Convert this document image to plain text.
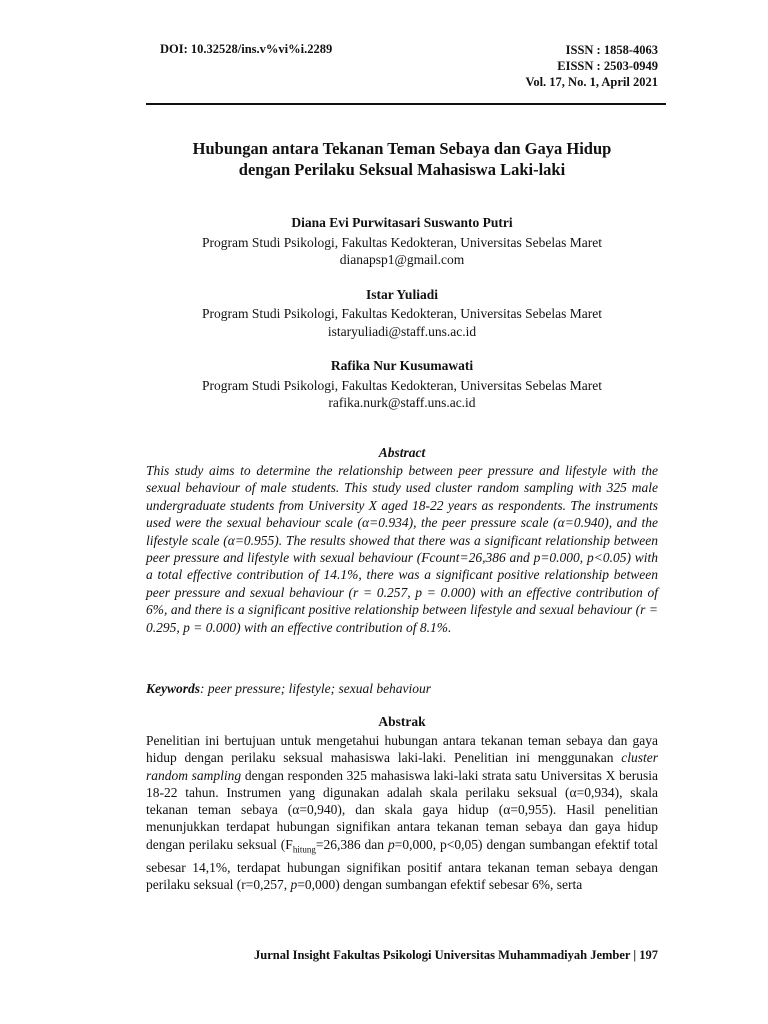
DOI: 10.32528/ins.v%vi%i.2289	ISSN : 1858-4063
EISSN : 2503-0949
Vol. 17, No. 1, April 2021
Hubungan antara Tekanan Teman Sebaya dan Gaya Hidup
dengan Perilaku Seksual Mahasiswa Laki-laki
Diana Evi Purwitasari Suswanto Putri
Program Studi Psikologi, Fakultas Kedokteran, Universitas Sebelas Maret
dianapsp1@gmail.com
Istar Yuliadi
Program Studi Psikologi, Fakultas Kedokteran, Universitas Sebelas Maret
istaryuliadi@staff.uns.ac.id
Rafika Nur Kusumawati
Program Studi Psikologi, Fakultas Kedokteran, Universitas Sebelas Maret
rafika.nurk@staff.uns.ac.id
Abstract

This study aims to determine the relationship between peer pressure and lifestyle with the sexual behaviour of male students. This study used cluster random sampling with 325 male undergraduate students from University X aged 18-22 years as respondents. The instruments used were the sexual behaviour scale (α=0.934), the peer pressure scale (α=0.940), and the lifestyle scale (α=0.955). The results showed that there was a significant relationship between peer pressure and lifestyle with sexual behaviour (Fcount=26,386 and p=0.000, p<0.05) with a total effective contribution of 14.1%, there was a significant positive relationship between peer pressure and sexual behaviour (r = 0.257, p = 0.000) with an effective contribution of 6%, and there is a significant positive relationship between lifestyle and sexual behaviour (r = 0.295, p = 0.000) with an effective contribution of 8.1%.

Keywords: peer pressure; lifestyle; sexual behaviour
Abstrak

Penelitian ini bertujuan untuk mengetahui hubungan antara tekanan teman sebaya dan gaya hidup dengan perilaku seksual mahasiswa laki-laki. Penelitian ini menggunakan cluster random sampling dengan responden 325 mahasiswa laki-laki strata satu Universitas X berusia 18-22 tahun. Instrumen yang digunakan adalah skala perilaku seksual (α=0,934), skala tekanan teman sebaya (α=0,940), dan skala gaya hidup (α=0,955). Hasil penelitian menunjukkan terdapat hubungan signifikan antara tekanan teman sebaya dan gaya hidup dengan perilaku seksual ($F_{hitung}=26,386$ dan p=0,000, p<0,05) dengan sumbangan efektif total sebesar 14,1%, terdapat hubungan signifikan positif antara tekanan teman sebaya dengan perilaku seksual (r=0,257, p=0,000) dengan sumbangan efektif sebesar 6%, serta

Jurnal Insight Fakultas Psikologi Universitas Muhammadiyah Jember | 197
